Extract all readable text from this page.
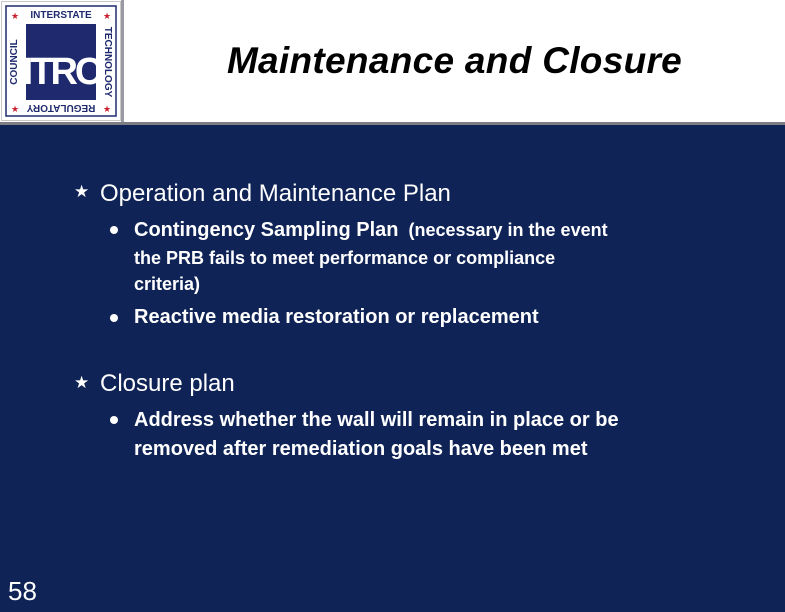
ITRC
INTERSTATE
REGULATORY
COUNCIL	TECHNOLOGY
★	★
★	★
Maintenance and Closure
★ Operation and Maintenance Plan
Contingency Sampling Plan  (necessary in the event
the PRB fails to meet performance or compliance
criteria)
Reactive media restoration or replacement
★ Closure plan
Address whether the wall will remain in place or be
removed after remediation goals have been met
58
